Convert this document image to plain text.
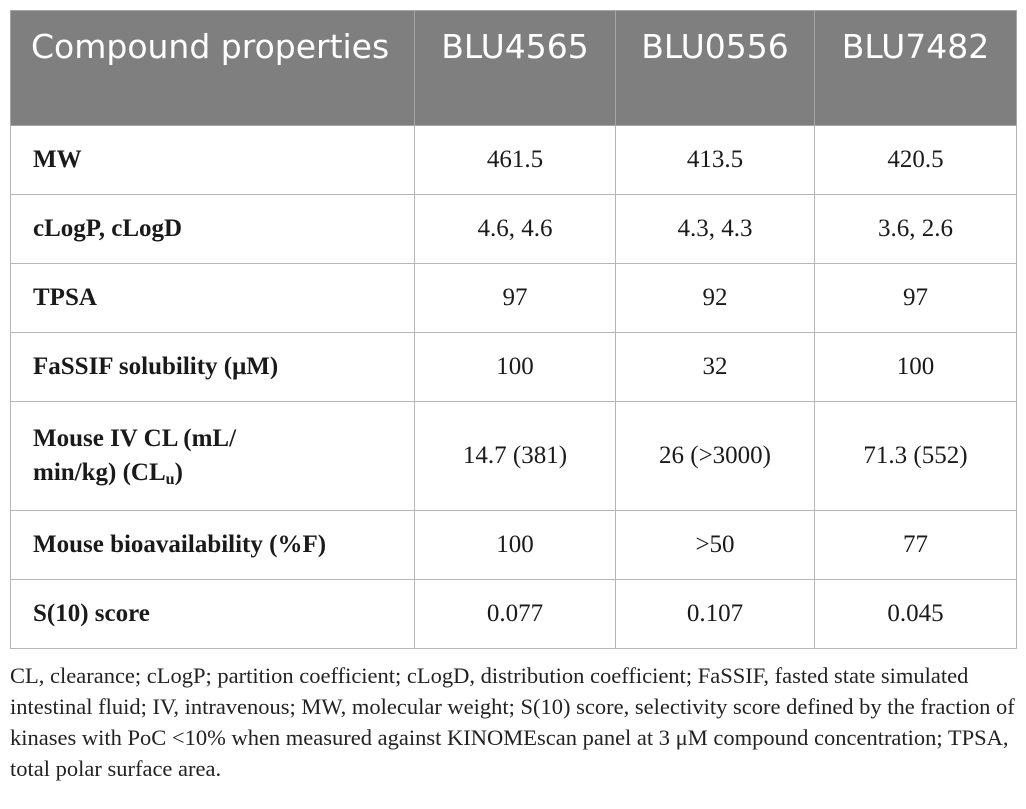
Compound properties	BLU4565	BLU0556	BLU7482
MW	461.5	413.5	420.5
cLogP, cLogD	4.6, 4.6	4.3, 4.3	3.6, 2.6
TPSA	97	92	97
FaSSIF solubility (μM)	100	32	100
Mouse IV CL (mL/
min/kg) $(CL_u)$	14.7 (381)	26 (>3000)	71.3 (552)
Mouse bioavailability (%F)	100	>50	77
S(10) score	0.077	0.107	0.045
CL, clearance; cLogP; partition coefficient; cLogD, distribution coefficient; FaSSIF, fasted state simulated intestinal fluid; IV, intravenous; MW, molecular weight; S(10) score, selectivity score defined by the fraction of kinases with PoC <10% when measured against KINOMEscan panel at 3 μM compound concentration; TPSA, total polar surface area.
